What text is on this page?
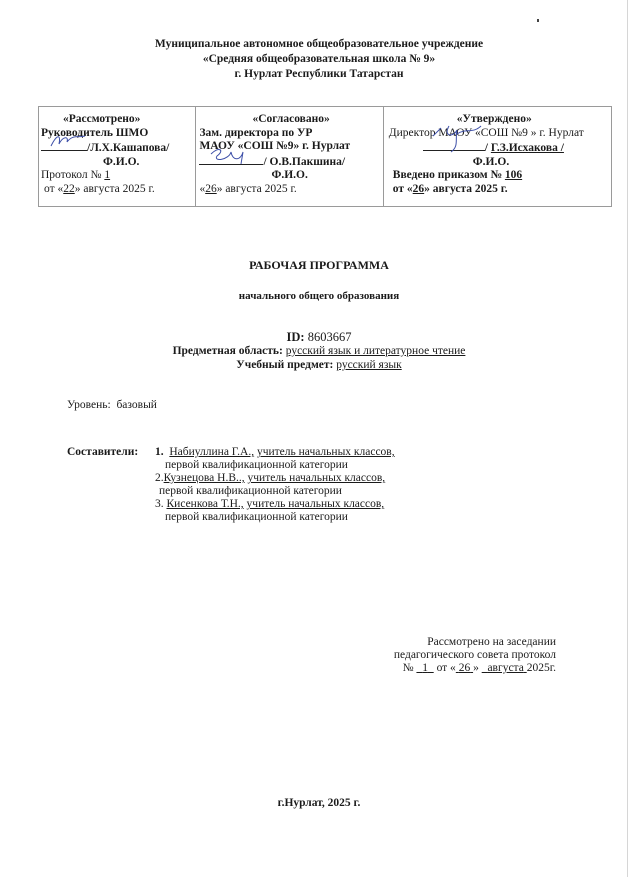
Муниципальное автономное общеобразовательное учреждение
«Средняя общеобразовательная школа № 9»
г. Нурлат Республики Татарстан
«Рассмотрено»
Руководитель ШМО
/Л.Х.Кашапова/
Ф.И.О.
Протокол № 1
от «22» августа 2025 г.
«Согласовано»
Зам. директора по УР
МАОУ «СОШ №9» г. Нурлат
/ О.В.Пакшина/
Ф.И.О.
«26» августа 2025 г.
«Утверждено»
Директор МАОУ «СОШ №9 » г. Нурлат
/ Г.З.Исхакова /
Ф.И.О.
Введено приказом № 106
от «26» августа 2025 г.
РАБОЧАЯ ПРОГРАММА
начального общего образования
ID: 8603667
Предметная область: русский язык и литературное чтение
Учебный предмет: русский язык
Уровень: базовый
Составители: 1. Набиуллина Г.А., учитель начальных классов,
первой квалификационной категории
2.Кузнецова Н.В.., учитель начальных классов,
первой квалификационной категории
3. Кисенкова Т.Н., учитель начальных классов,
первой квалификационной категории
Рассмотрено на заседании
педагогического совета протокол
№ 1 от « 26 »   августа 2025г.
г.Нурлат, 2025 г.
